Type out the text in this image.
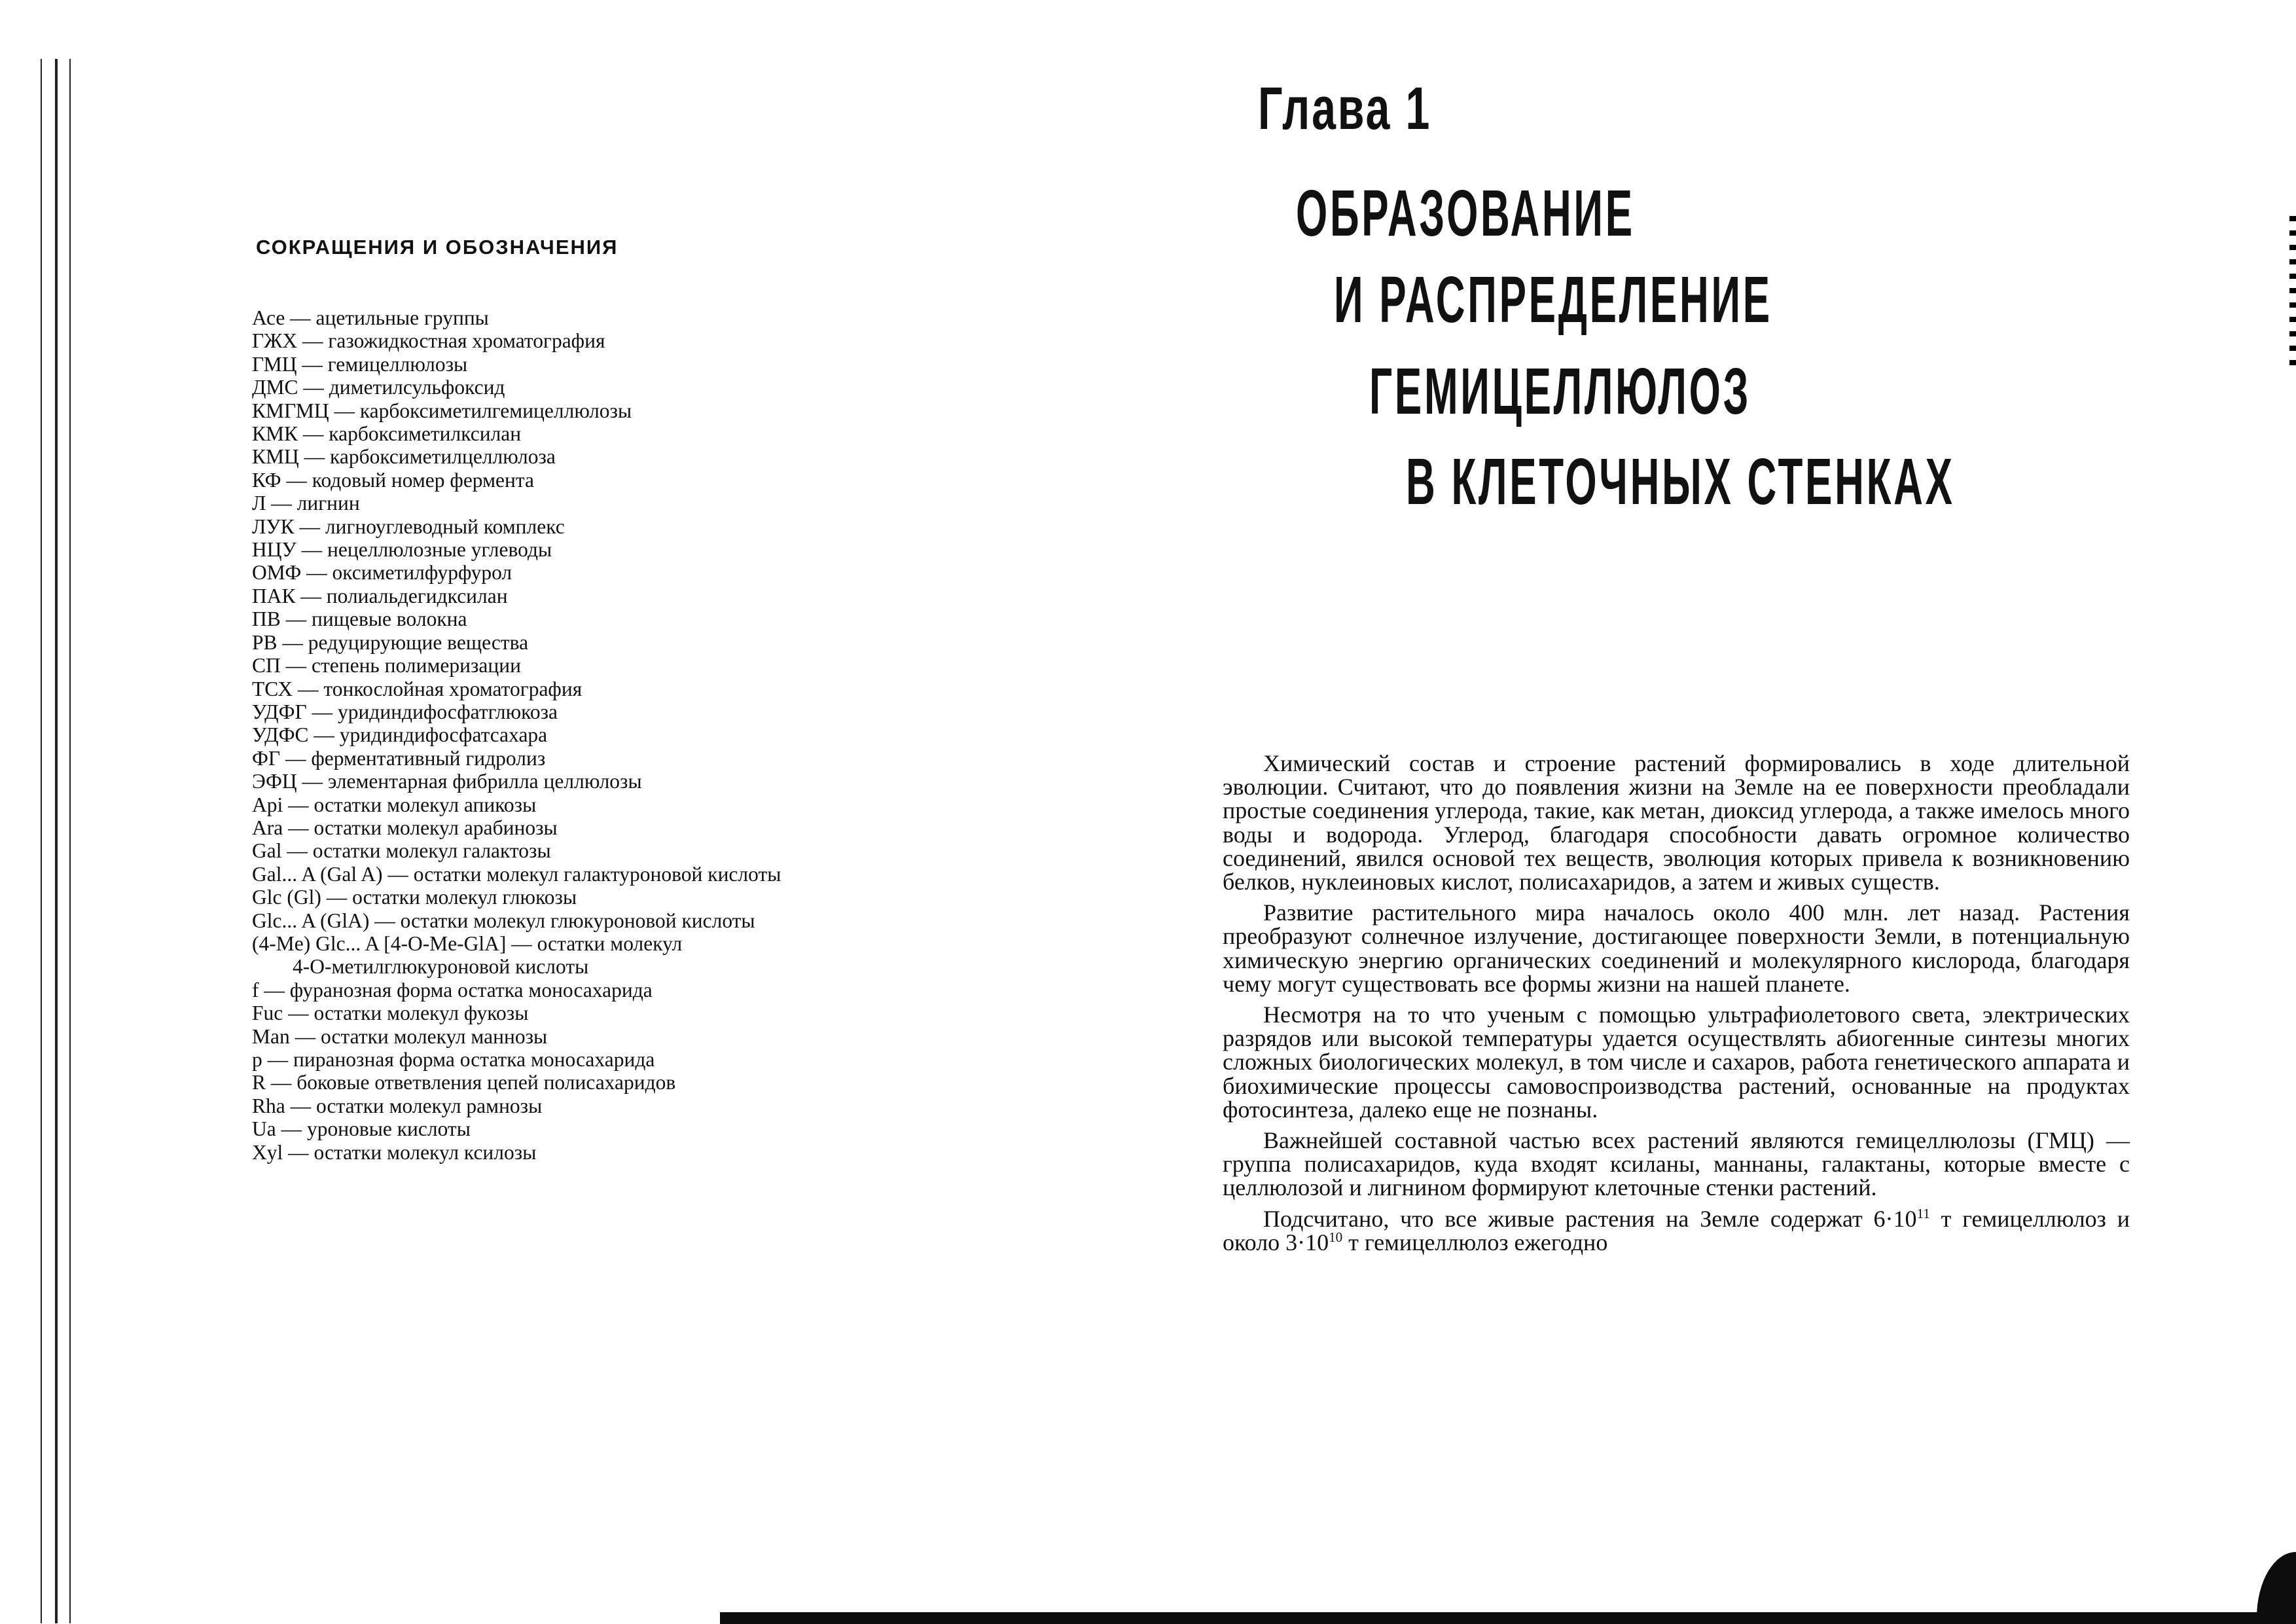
СОКРАЩЕНИЯ И ОБОЗНАЧЕНИЯ
Асе — ацетильные группы
ГЖХ — газожидкостная хроматография
ГМЦ — гемицеллюлозы
ДМС — диметилсульфоксид
КМГМЦ — карбоксиметилгемицеллюлозы
КМК — карбоксиметилксилан
КМЦ — карбоксиметилцеллюлоза
КФ — кодовый номер фермента
Л — лигнин
ЛУК — лигноуглеводный комплекс
НЦУ — нецеллюлозные углеводы
ОМФ — оксиметилфурфурол
ПАК — полиальдегидксилан
ПВ — пищевые волокна
РВ — редуцирующие вещества
СП — степень полимеризации
ТСХ — тонкослойная хроматография
УДФГ — уридиндифосфатглюкоза
УДФС — уридиндифосфатсахара
ФГ — ферментативный гидролиз
ЭФЦ — элементарная фибрилла целлюлозы
Api — остатки молекул апикозы
Ara — остатки молекул арабинозы
Gal — остатки молекул галактозы
Gal... A (Gal A) — остатки молекул галактуроновой кислоты
Glc (Gl) — остатки молекул глюкозы
Glc... A (GlA) — остатки молекул глюкуроновой кислоты
(4-Me) Glc... A [4-O-Me-GlA] — остатки молекул
4-O-метилглюкуроновой кислоты
f — фуранозная форма остатка моносахарида
Fuc — остатки молекул фукозы
Man — остатки молекул маннозы
p — пиранозная форма остатка моносахарида
R — боковые ответвления цепей полисахаридов
Rha — остатки молекул рамнозы
Ua — уроновые кислоты
Xyl — остатки молекул ксилозы
Глава 1
ОБРАЗОВАНИЕ
И РАСПРЕДЕЛЕНИЕ
ГЕМИЦЕЛЛЮЛОЗ
В КЛЕТОЧНЫХ СТЕНКАХ

Химический состав и строение растений формировались в ходе длительной эволюции. Считают, что до появления жизни на Земле на ее поверхности преобладали простые соединения углерода, такие, как метан, диоксид углерода, а также имелось много воды и водорода. Углерод, благодаря способности давать огромное количество соединений, явился основой тех веществ, эволюция которых привела к возникновению белков, нуклеиновых кислот, полисахаридов, а затем и живых существ.

Развитие растительного мира началось около 400 млн. лет назад. Растения преобразуют солнечное излучение, достигающее поверхности Земли, в потенциальную химическую энергию органических соединений и молекулярного кислорода, благодаря чему могут существовать все формы жизни на нашей планете.

Несмотря на то что ученым с помощью ультрафиолетового света, электрических разрядов или высокой температуры удается осуществлять абиогенные синтезы многих сложных биологических молекул, в том числе и сахаров, работа генетического аппарата и биохимические процессы самовоспроизводства растений, основанные на продуктах фотосинтеза, далеко еще не познаны.

Важнейшей составной частью всех растений являются гемицеллюлозы (ГМЦ) — группа полисахаридов, куда входят ксиланы, маннаны, галактаны, которые вместе с целлюлозой и лигнином формируют клеточные стенки растений.

Подсчитано, что все живые растения на Земле содержат $6\cdot 10^{11}$ т гемицеллюлоз и около $3\cdot 10^{10}$ т гемицеллюлоз ежегодно
